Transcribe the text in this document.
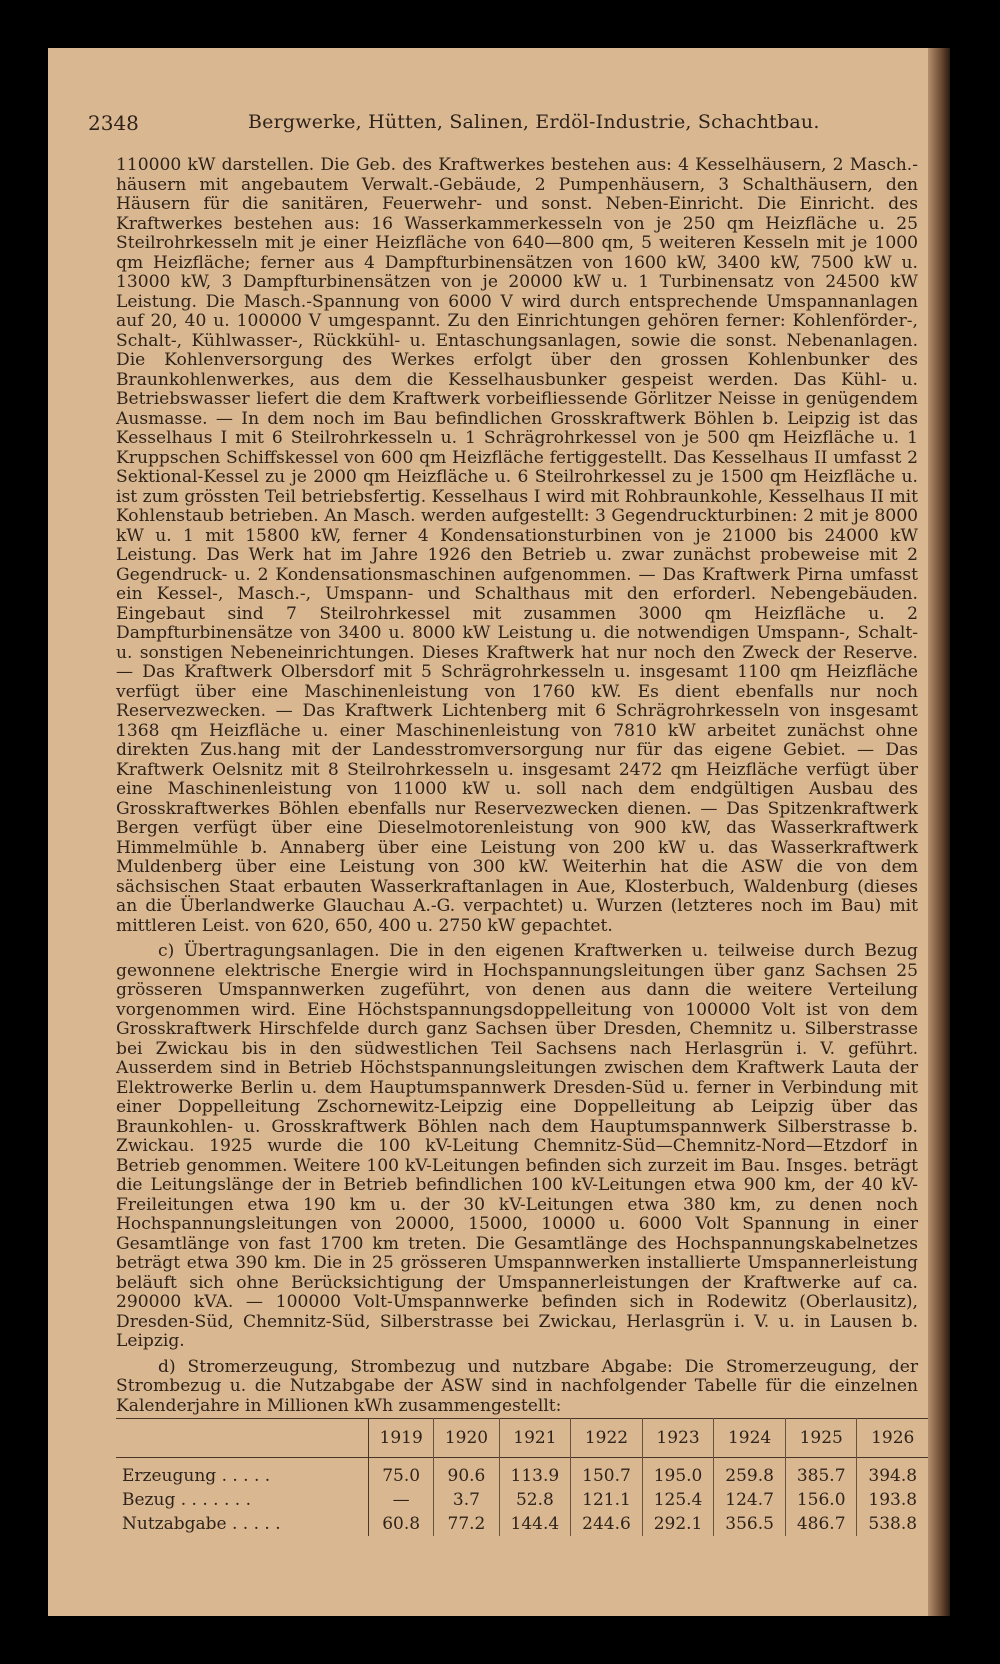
2348	Bergwerke, Hütten, Salinen, Erdöl-Industrie, Schachtbau.

110000 kW darstellen. Die Geb. des Kraftwerkes bestehen aus: 4 Kesselhäusern, 2 Masch.-häusern mit angebautem Verwalt.-Gebäude, 2 Pumpenhäusern, 3 Schalthäusern, den Häusern für die sanitären, Feuerwehr- und sonst. Neben-Einricht. Die Einricht. des Kraftwerkes bestehen aus: 16 Wasserkammerkesseln von je 250 qm Heizfläche u. 25 Steilrohrkesseln mit je einer Heizfläche von 640—800 qm, 5 weiteren Kesseln mit je 1000 qm Heizfläche; ferner aus 4 Dampfturbinensätzen von 1600 kW, 3400 kW, 7500 kW u. 13000 kW, 3 Dampfturbinensätzen von je 20000 kW u. 1 Turbinensatz von 24500 kW Leistung. Die Masch.-Spannung von 6000 V wird durch entsprechende Umspannanlagen auf 20, 40 u. 100000 V umgespannt. Zu den Einrichtungen gehören ferner: Kohlenförder-, Schalt-, Kühlwasser-, Rückkühl- u. Entaschungsanlagen, sowie die sonst. Nebenanlagen. Die Kohlenversorgung des Werkes erfolgt über den grossen Kohlenbunker des Braunkohlenwerkes, aus dem die Kesselhausbunker gespeist werden. Das Kühl- u. Betriebswasser liefert die dem Kraftwerk vorbeifliessende Görlitzer Neisse in genügendem Ausmasse. — In dem noch im Bau befindlichen Grosskraftwerk Böhlen b. Leipzig ist das Kesselhaus I mit 6 Steilrohrkesseln u. 1 Schrägrohrkessel von je 500 qm Heizfläche u. 1 Kruppschen Schiffskessel von 600 qm Heizfläche fertiggestellt. Das Kesselhaus II umfasst 2 Sektional-Kessel zu je 2000 qm Heizfläche u. 6 Steilrohrkessel zu je 1500 qm Heizfläche u. ist zum grössten Teil betriebsfertig. Kesselhaus I wird mit Rohbraunkohle, Kesselhaus II mit Kohlenstaub betrieben. An Masch. werden aufgestellt: 3 Gegendruckturbinen: 2 mit je 8000 kW u. 1 mit 15800 kW, ferner 4 Kondensationsturbinen von je 21000 bis 24000 kW Leistung. Das Werk hat im Jahre 1926 den Betrieb u. zwar zunächst probeweise mit 2 Gegendruck- u. 2 Kondensationsmaschinen aufgenommen. — Das Kraftwerk Pirna umfasst ein Kessel-, Masch.-, Umspann- und Schalthaus mit den erforderl. Nebengebäuden. Eingebaut sind 7 Steilrohrkessel mit zusammen 3000 qm Heizfläche u. 2 Dampfturbinensätze von 3400 u. 8000 kW Leistung u. die notwendigen Umspann-, Schalt- u. sonstigen Nebeneinrichtungen. Dieses Kraftwerk hat nur noch den Zweck der Reserve. — Das Kraftwerk Olbersdorf mit 5 Schrägrohrkesseln u. insgesamt 1100 qm Heizfläche verfügt über eine Maschinenleistung von 1760 kW. Es dient ebenfalls nur noch Reservezwecken. — Das Kraftwerk Lichtenberg mit 6 Schrägrohrkesseln von insgesamt 1368 qm Heizfläche u. einer Maschinenleistung von 7810 kW arbeitet zunächst ohne direkten Zus.hang mit der Landesstromversorgung nur für das eigene Gebiet. — Das Kraftwerk Oelsnitz mit 8 Steilrohrkesseln u. insgesamt 2472 qm Heizfläche verfügt über eine Maschinenleistung von 11000 kW u. soll nach dem endgültigen Ausbau des Grosskraftwerkes Böhlen ebenfalls nur Reservezwecken dienen. — Das Spitzenkraftwerk Bergen verfügt über eine Dieselmotorenleistung von 900 kW, das Wasserkraftwerk Himmelmühle b. Annaberg über eine Leistung von 200 kW u. das Wasserkraftwerk Muldenberg über eine Leistung von 300 kW. Weiterhin hat die ASW die von dem sächsischen Staat erbauten Wasserkraftanlagen in Aue, Klosterbuch, Waldenburg (dieses an die Überlandwerke Glauchau A.-G. verpachtet) u. Wurzen (letzteres noch im Bau) mit mittleren Leist. von 620, 650, 400 u. 2750 kW gepachtet.

c) Übertragungsanlagen. Die in den eigenen Kraftwerken u. teilweise durch Bezug gewonnene elektrische Energie wird in Hochspannungsleitungen über ganz Sachsen 25 grösseren Umspannwerken zugeführt, von denen aus dann die weitere Verteilung vorgenommen wird. Eine Höchstspannungsdoppelleitung von 100000 Volt ist von dem Grosskraftwerk Hirschfelde durch ganz Sachsen über Dresden, Chemnitz u. Silberstrasse bei Zwickau bis in den südwestlichen Teil Sachsens nach Herlasgrün i. V. geführt. Ausserdem sind in Betrieb Höchstspannungsleitungen zwischen dem Kraftwerk Lauta der Elektrowerke Berlin u. dem Hauptumspannwerk Dresden-Süd u. ferner in Verbindung mit einer Doppelleitung Zschornewitz-Leipzig eine Doppelleitung ab Leipzig über das Braunkohlen- u. Grosskraftwerk Böhlen nach dem Hauptumspannwerk Silberstrasse b. Zwickau. 1925 wurde die 100 kV-Leitung Chemnitz-Süd—Chemnitz-Nord—Etzdorf in Betrieb genommen. Weitere 100 kV-Leitungen befinden sich zurzeit im Bau. Insges. beträgt die Leitungslänge der in Betrieb befindlichen 100 kV-Leitungen etwa 900 km, der 40 kV-Freileitungen etwa 190 km u. der 30 kV-Leitungen etwa 380 km, zu denen noch Hochspannungsleitungen von 20000, 15000, 10000 u. 6000 Volt Spannung in einer Gesamtlänge von fast 1700 km treten. Die Gesamtlänge des Hochspannungskabelnetzes beträgt etwa 390 km. Die in 25 grösseren Umspannwerken installierte Umspannerleistung beläuft sich ohne Berücksichtigung der Umspannerleistungen der Kraftwerke auf ca. 290000 kVA. — 100000 Volt-Umspannwerke befinden sich in Rodewitz (Oberlausitz), Dresden-Süd, Chemnitz-Süd, Silberstrasse bei Zwickau, Herlasgrün i. V. u. in Lausen b. Leipzig.

d) Stromerzeugung, Strombezug und nutzbare Abgabe: Die Stromerzeugung, der Strombezug u. die Nutzabgabe der ASW sind in nachfolgender Tabelle für die einzelnen Kalenderjahre in Millionen kWh zusammengestellt:

	1919	1920	1921	1922	1923	1924	1925	1926
Erzeugung . . . . .	75.0	90.6	113.9	150.7	195.0	259.8	385.7	394.8
Bezug . . . . . . .	—	3.7	52.8	121.1	125.4	124.7	156.0	193.8
Nutzabgabe . . . . .	60.8	77.2	144.4	244.6	292.1	356.5	486.7	538.8
